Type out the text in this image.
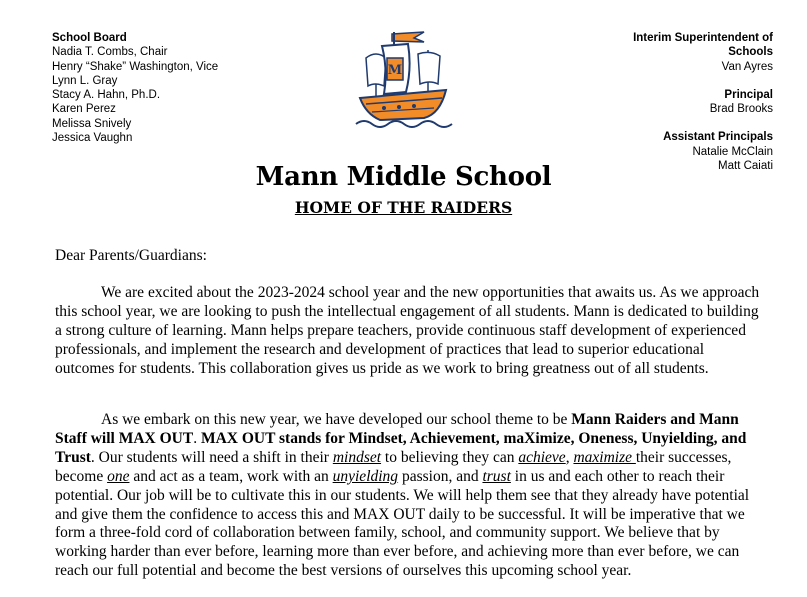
School Board
Nadia T. Combs, Chair
Henry “Shake” Washington, Vice
Lynn L. Gray
Stacy A. Hahn, Ph.D.
Karen Perez
Melissa Snively
Jessica Vaughn
M
Interim Superintendent of
Schools
Van Ayres
Principal
Brad Brooks
Assistant Principals
Natalie McClain
Matt Caiati
Mann Middle School
HOME OF THE RAIDERS
Dear Parents/Guardians:
We are excited about the 2023-2024 school year and the new opportunities that awaits us. As we approach this school year, we are looking to push the intellectual engagement of all students. Mann is dedicated to building a strong culture of learning. Mann helps prepare teachers, provide continuous staff development of experienced professionals, and implement the research and development of practices that lead to superior educational outcomes for students. This collaboration gives us pride as we work to bring greatness out of all students.
As we embark on this new year, we have developed our school theme to be Mann Raiders and Mann Staff will MAX OUT. MAX OUT stands for Mindset, Achievement, maXimize, Oneness, Unyielding, and Trust. Our students will need a shift in their mindset to believing they can achieve, maximize their successes, become one and act as a team, work with an unyielding passion, and trust in us and each other to reach their potential. Our job will be to cultivate this in our students. We will help them see that they already have potential and give them the confidence to access this and MAX OUT daily to be successful. It will be imperative that we form a three-fold cord of collaboration between family, school, and community support. We believe that by working harder than ever before, learning more than ever before, and achieving more than ever before, we can reach our full potential and become the best versions of ourselves this upcoming school year.
